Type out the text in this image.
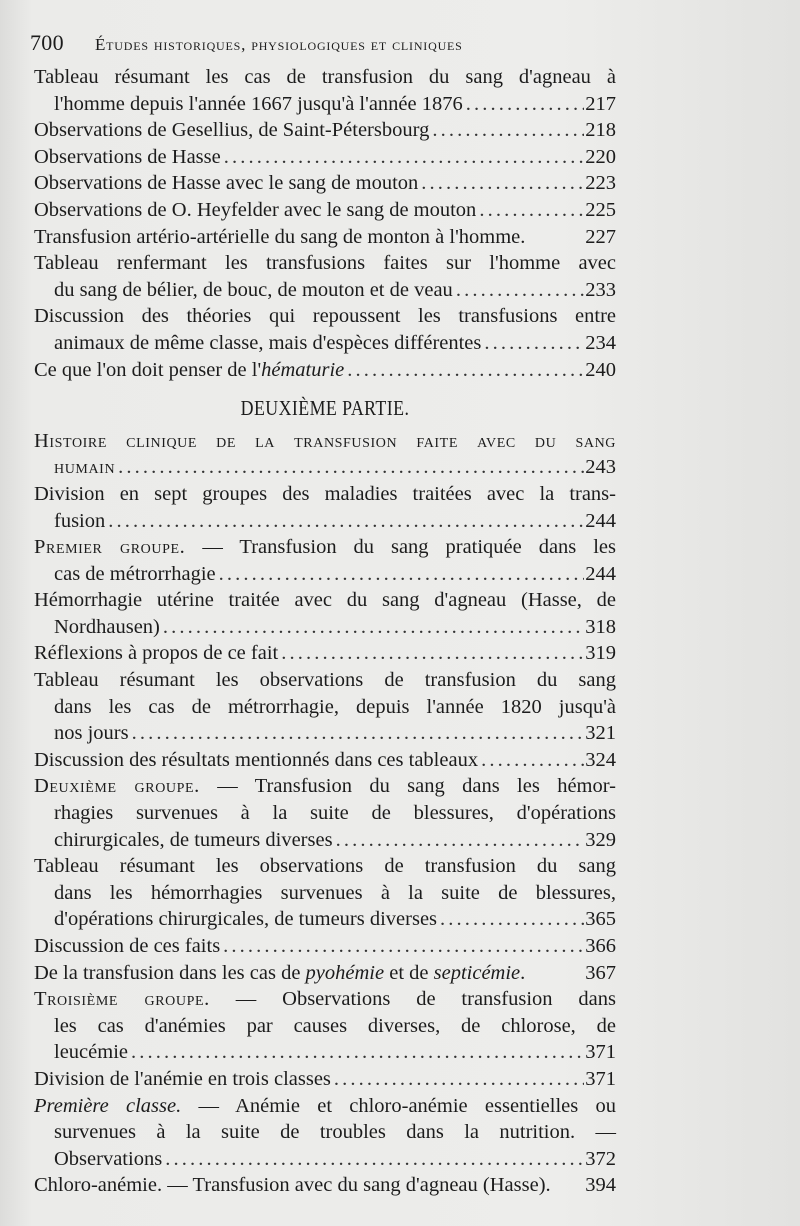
700 Études historiques, physiologiques et cliniques
Tableau résumant les cas de transfusion du sang d'agneau à
l'homme depuis l'année 1667 jusqu'à l'année 1876 . . .	217
Observations de Gesellius, de Saint-Pétersbourg . . .	218
Observations de Hasse . . .	220
Observations de Hasse avec le sang de mouton . . .	223
Observations de O. Heyfelder avec le sang de mouton . . .	225
Transfusion artério-artérielle du sang de monton à l'homme.	227
Tableau renfermant les transfusions faites sur l'homme avec
du sang de bélier, de bouc, de mouton et de veau . . .	233
Discussion des théories qui repoussent les transfusions entre
animaux de même classe, mais d'espèces différentes . . .	234
Ce que l'on doit penser de l'hématurie . . .	240
DEUXIÈME PARTIE.
Histoire clinique de la transfusion faite avec du sang
humain . . .	243
Division en sept groupes des maladies traitées avec la trans-
fusion . . .	244
Premier groupe. — Transfusion du sang pratiquée dans les
cas de métrorrhagie . . .	244
Hémorrhagie utérine traitée avec du sang d'agneau (Hasse, de
Nordhausen) . . .	318
Réflexions à propos de ce fait . . .	319
Tableau résumant les observations de transfusion du sang
dans les cas de métrorrhagie, depuis l'année 1820 jusqu'à
nos jours . . .	321
Discussion des résultats mentionnés dans ces tableaux . . .	324
Deuxième groupe. — Transfusion du sang dans les hémor-
rhagies survenues à la suite de blessures, d'opérations
chirurgicales, de tumeurs diverses . . .	329
Tableau résumant les observations de transfusion du sang
dans les hémorrhagies survenues à la suite de blessures,
d'opérations chirurgicales, de tumeurs diverses . . .	365
Discussion de ces faits . . .	366
De la transfusion dans les cas de pyohémie et de septicémie.	367
Troisième groupe. — Observations de transfusion dans
les cas d'anémies par causes diverses, de chlorose, de
leucémie . . .	371
Division de l'anémie en trois classes . . .	371
Première classe. — Anémie et chloro-anémie essentielles ou
survenues à la suite de troubles dans la nutrition. —
Observations . . .	372
Chloro-anémie. — Transfusion avec du sang d'agneau (Hasse). 394
